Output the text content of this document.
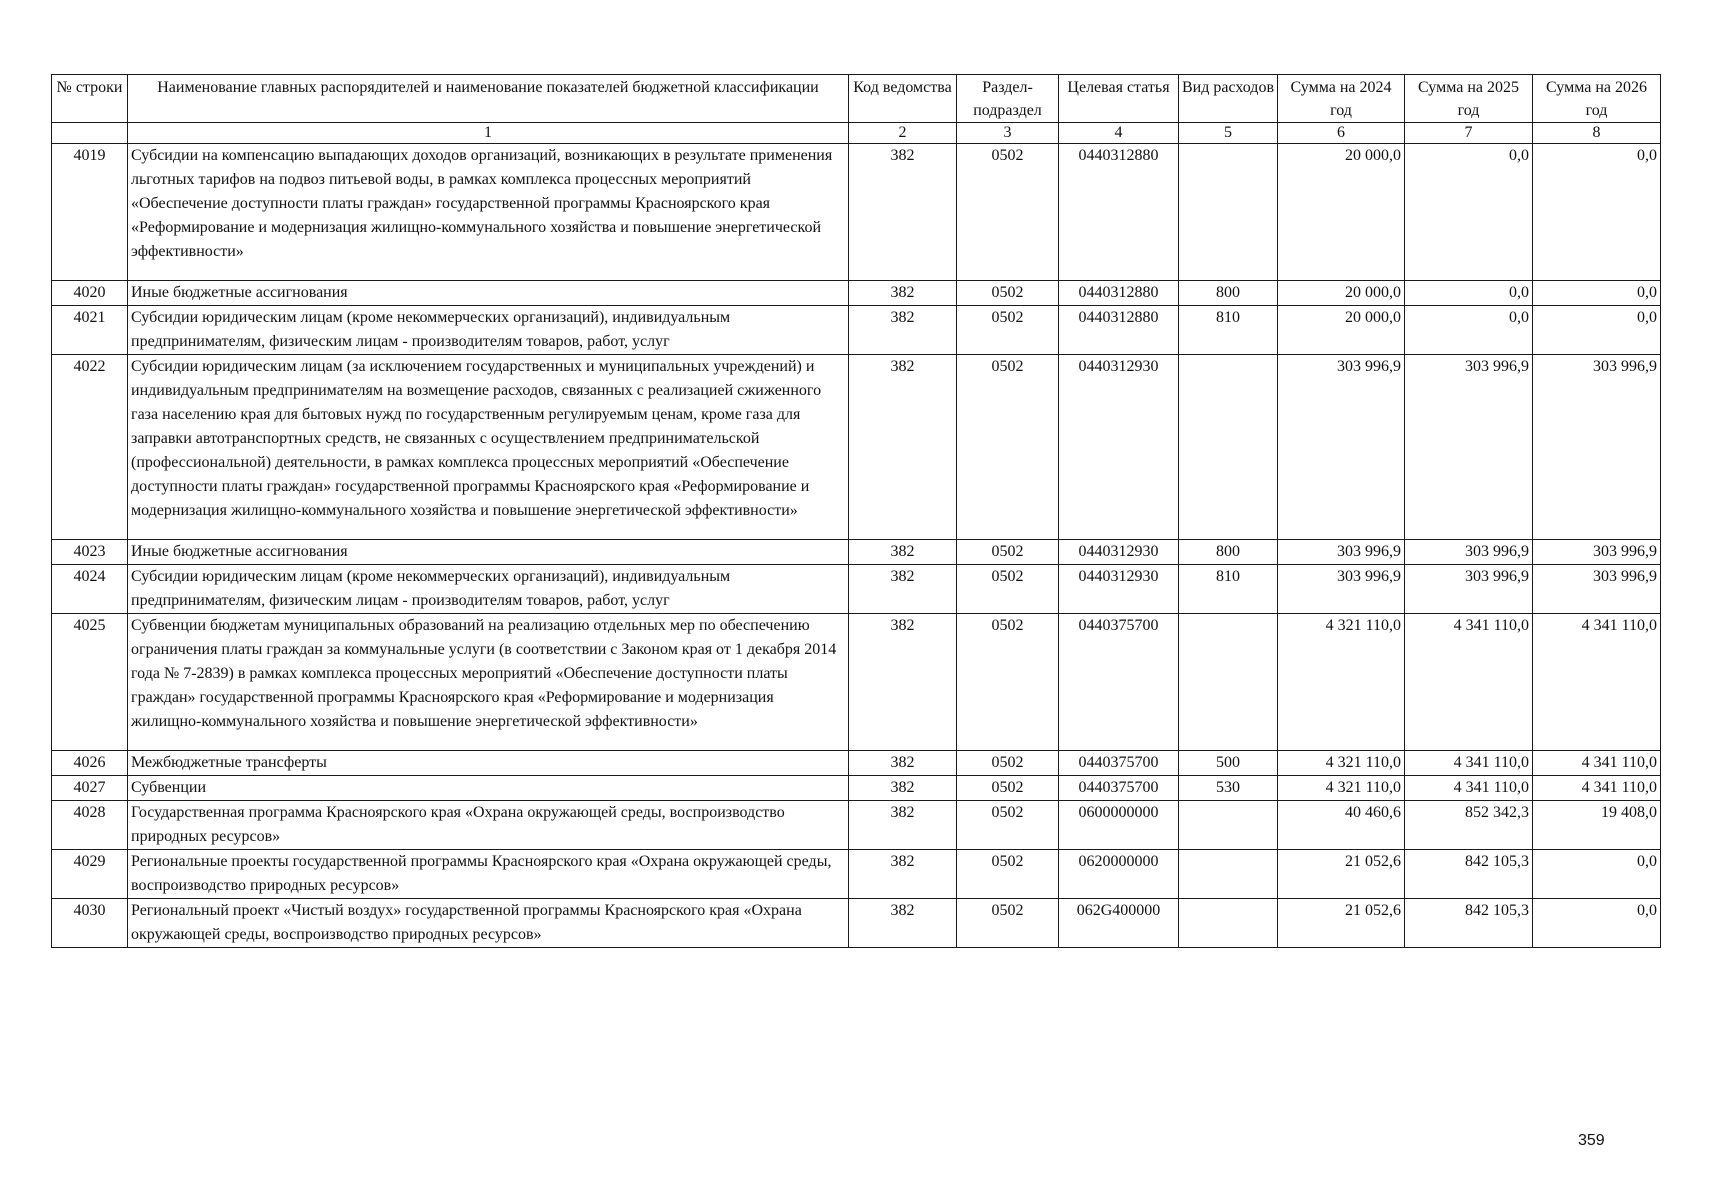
№ строки	Наименование главных распорядителей и наименование показателей бюджетной классификации	Код ведомства	Раздел-подраздел	Целевая статья	Вид расходов	Сумма на 2024 год	Сумма на 2025 год	Сумма на 2026 год
	1	2	3	4	5	6	7	8
4019	Субсидии на компенсацию выпадающих доходов организаций, возникающих в результате применения льготных тарифов на подвоз питьевой воды, в рамках комплекса процессных мероприятий «Обеспечение доступности платы граждан» государственной программы Красноярского края «Реформирование и модернизация жилищно-коммунального хозяйства и повышение энергетической эффективности»	382	0502	0440312880		20 000,0	0,0	0,0
4020	Иные бюджетные ассигнования	382	0502	0440312880	800	20 000,0	0,0	0,0
4021	Субсидии юридическим лицам (кроме некоммерческих организаций), индивидуальным предпринимателям, физическим лицам - производителям товаров, работ, услуг	382	0502	0440312880	810	20 000,0	0,0	0,0
4022	Субсидии юридическим лицам (за исключением государственных и муниципальных учреждений) и индивидуальным предпринимателям на возмещение расходов, связанных с реализацией сжиженного газа населению края для бытовых нужд по государственным регулируемым ценам, кроме газа для заправки автотранспортных средств, не связанных с осуществлением предпринимательской (профессиональной) деятельности, в рамках комплекса процессных мероприятий «Обеспечение доступности платы граждан» государственной программы Красноярского края «Реформирование и модернизация жилищно-коммунального хозяйства и повышение энергетической эффективности»	382	0502	0440312930		303 996,9	303 996,9	303 996,9
4023	Иные бюджетные ассигнования	382	0502	0440312930	800	303 996,9	303 996,9	303 996,9
4024	Субсидии юридическим лицам (кроме некоммерческих организаций), индивидуальным предпринимателям, физическим лицам - производителям товаров, работ, услуг	382	0502	0440312930	810	303 996,9	303 996,9	303 996,9
4025	Субвенции бюджетам муниципальных образований на реализацию отдельных мер по обеспечению ограничения платы граждан за коммунальные услуги (в соответствии с Законом края от 1 декабря 2014 года № 7-2839) в рамках комплекса процессных мероприятий «Обеспечение доступности платы граждан» государственной программы Красноярского края «Реформирование и модернизация жилищно-коммунального хозяйства и повышение энергетической эффективности»	382	0502	0440375700		4 321 110,0	4 341 110,0	4 341 110,0
4026	Межбюджетные трансферты	382	0502	0440375700	500	4 321 110,0	4 341 110,0	4 341 110,0
4027	Субвенции	382	0502	0440375700	530	4 321 110,0	4 341 110,0	4 341 110,0
4028	Государственная программа Красноярского края «Охрана окружающей среды, воспроизводство природных ресурсов»	382	0502	0600000000		40 460,6	852 342,3	19 408,0
4029	Региональные проекты государственной программы Красноярского края «Охрана окружающей среды, воспроизводство природных ресурсов»	382	0502	0620000000		21 052,6	842 105,3	0,0
4030	Региональный проект «Чистый воздух» государственной программы Красноярского края «Охрана окружающей среды, воспроизводство природных ресурсов»	382	0502	062G400000		21 052,6	842 105,3	0,0
359
